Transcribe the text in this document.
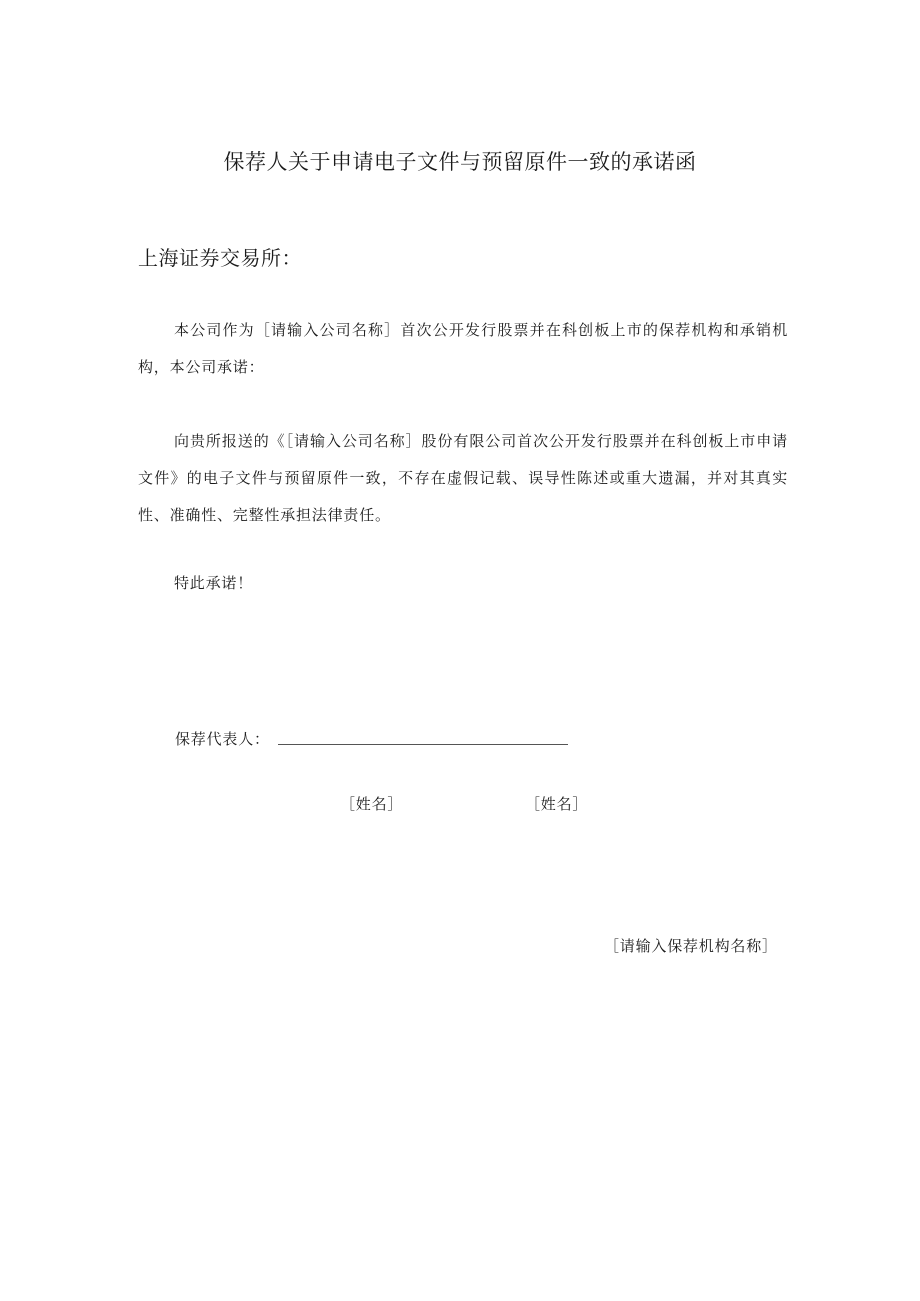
保荐人关于申请电子文件与预留原件一致的承诺函
上海证券交易所：
本公司作为［请输入公司名称］首次公开发行股票并在科创板上市的保荐机构和承销机构，本公司承诺：
向贵所报送的《［请输入公司名称］股份有限公司首次公开发行股票并在科创板上市申请文件》的电子文件与预留原件一致，不存在虚假记载、误导性陈述或重大遗漏，并对其真实性、准确性、完整性承担法律责任。
特此承诺！
保荐代表人：
［姓名］	［姓名］
［请输入保荐机构名称］
